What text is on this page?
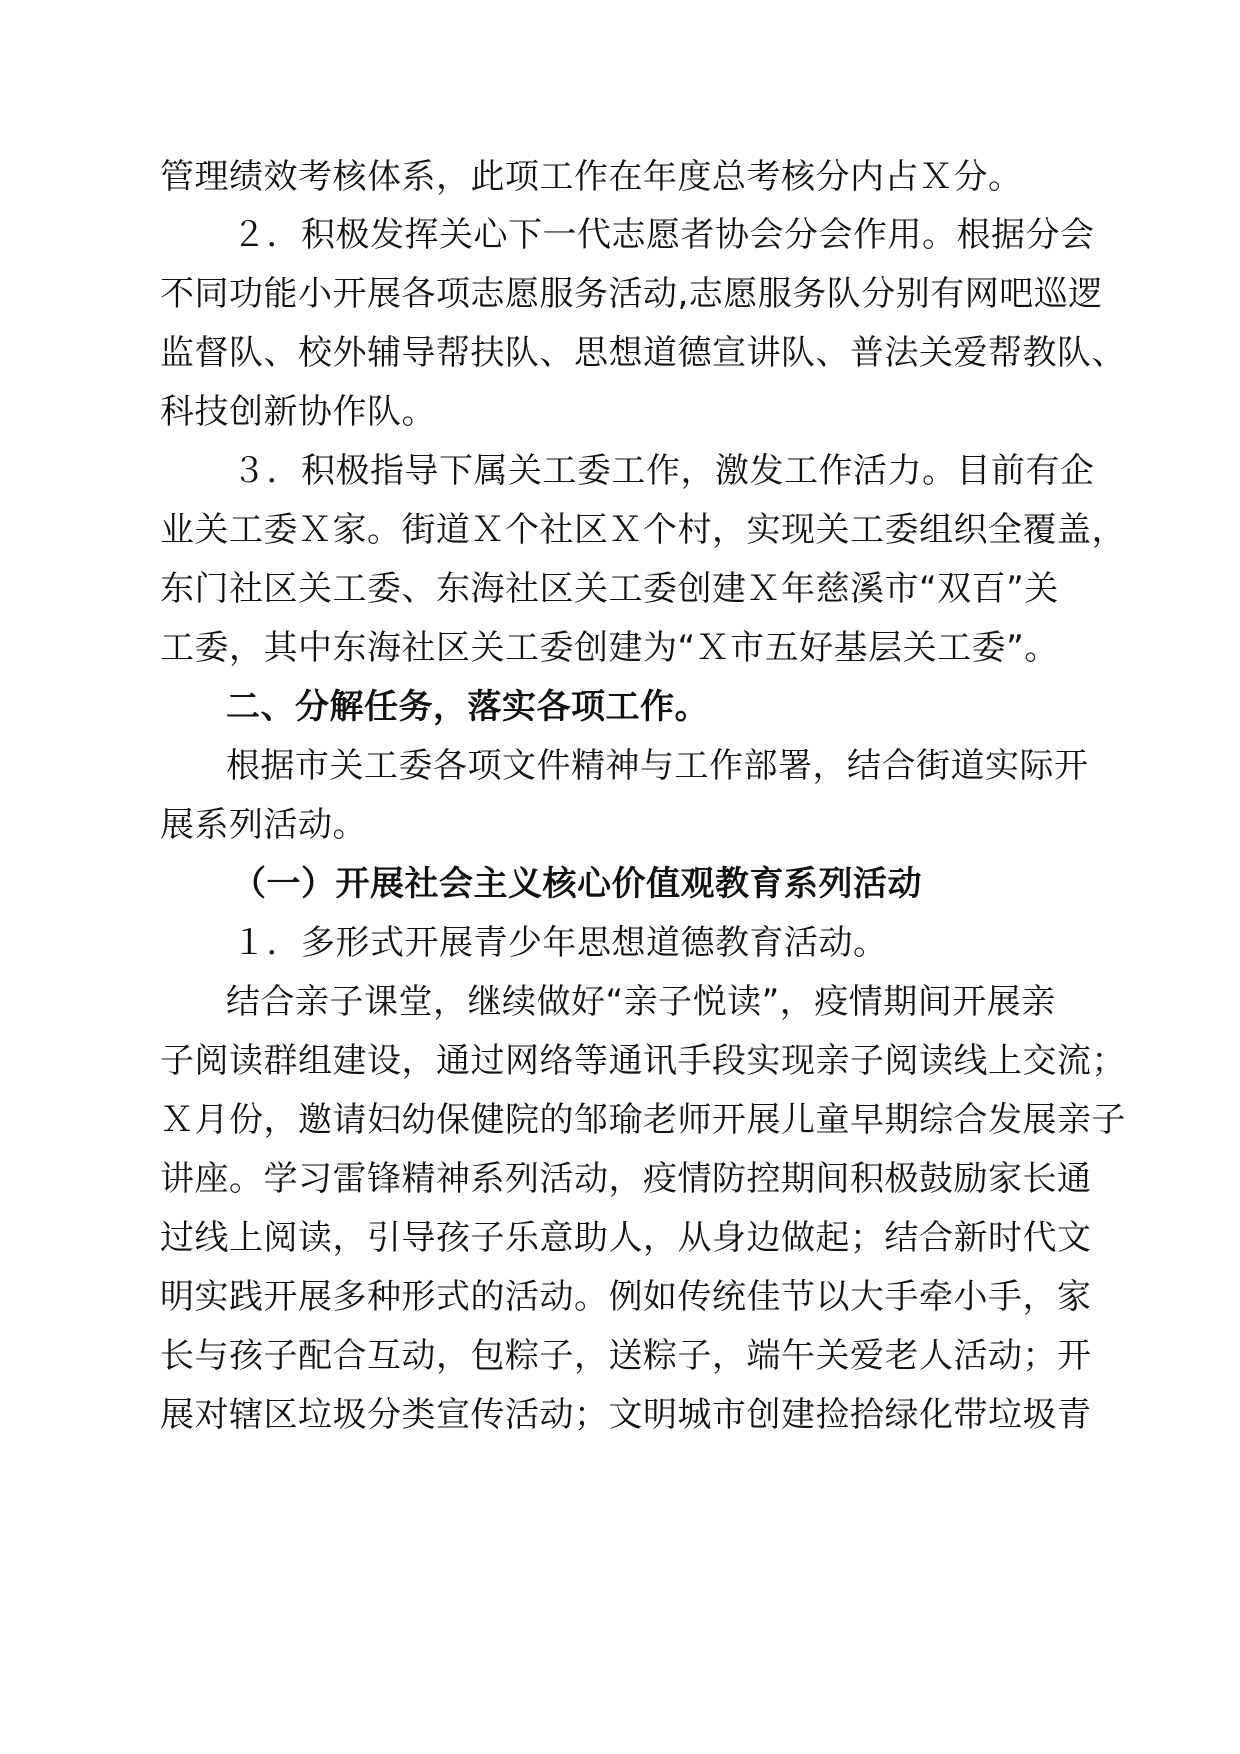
管理绩效考核体系，此项工作在年度总考核分内占Ｘ分。
２．积极发挥关心下一代志愿者协会分会作用。根据分会
不同功能小开展各项志愿服务活动,志愿服务队分别有网吧巡逻
监督队、校外辅导帮扶队、思想道德宣讲队、普法关爱帮教队、
科技创新协作队。
３．积极指导下属关工委工作，激发工作活力。目前有企
业关工委Ｘ家。街道Ｘ个社区Ｘ个村，实现关工委组织全覆盖，
东门社区关工委、东海社区关工委创建Ｘ年慈溪市“双百”关
工委，其中东海社区关工委创建为“Ｘ市五好基层关工委”。
二、分解任务，落实各项工作。
根据市关工委各项文件精神与工作部署，结合街道实际开
展系列活动。
（一）开展社会主义核心价值观教育系列活动
１．多形式开展青少年思想道德教育活动。
结合亲子课堂，继续做好“亲子悦读”，疫情期间开展亲
子阅读群组建设，通过网络等通讯手段实现亲子阅读线上交流；
Ｘ月份，邀请妇幼保健院的邹瑜老师开展儿童早期综合发展亲子
讲座。学习雷锋精神系列活动，疫情防控期间积极鼓励家长通
过线上阅读，引导孩子乐意助人，从身边做起；结合新时代文
明实践开展多种形式的活动。例如传统佳节以大手牵小手，家
长与孩子配合互动，包粽子，送粽子，端午关爱老人活动；开
展对辖区垃圾分类宣传活动；文明城市创建捡拾绿化带垃圾青
